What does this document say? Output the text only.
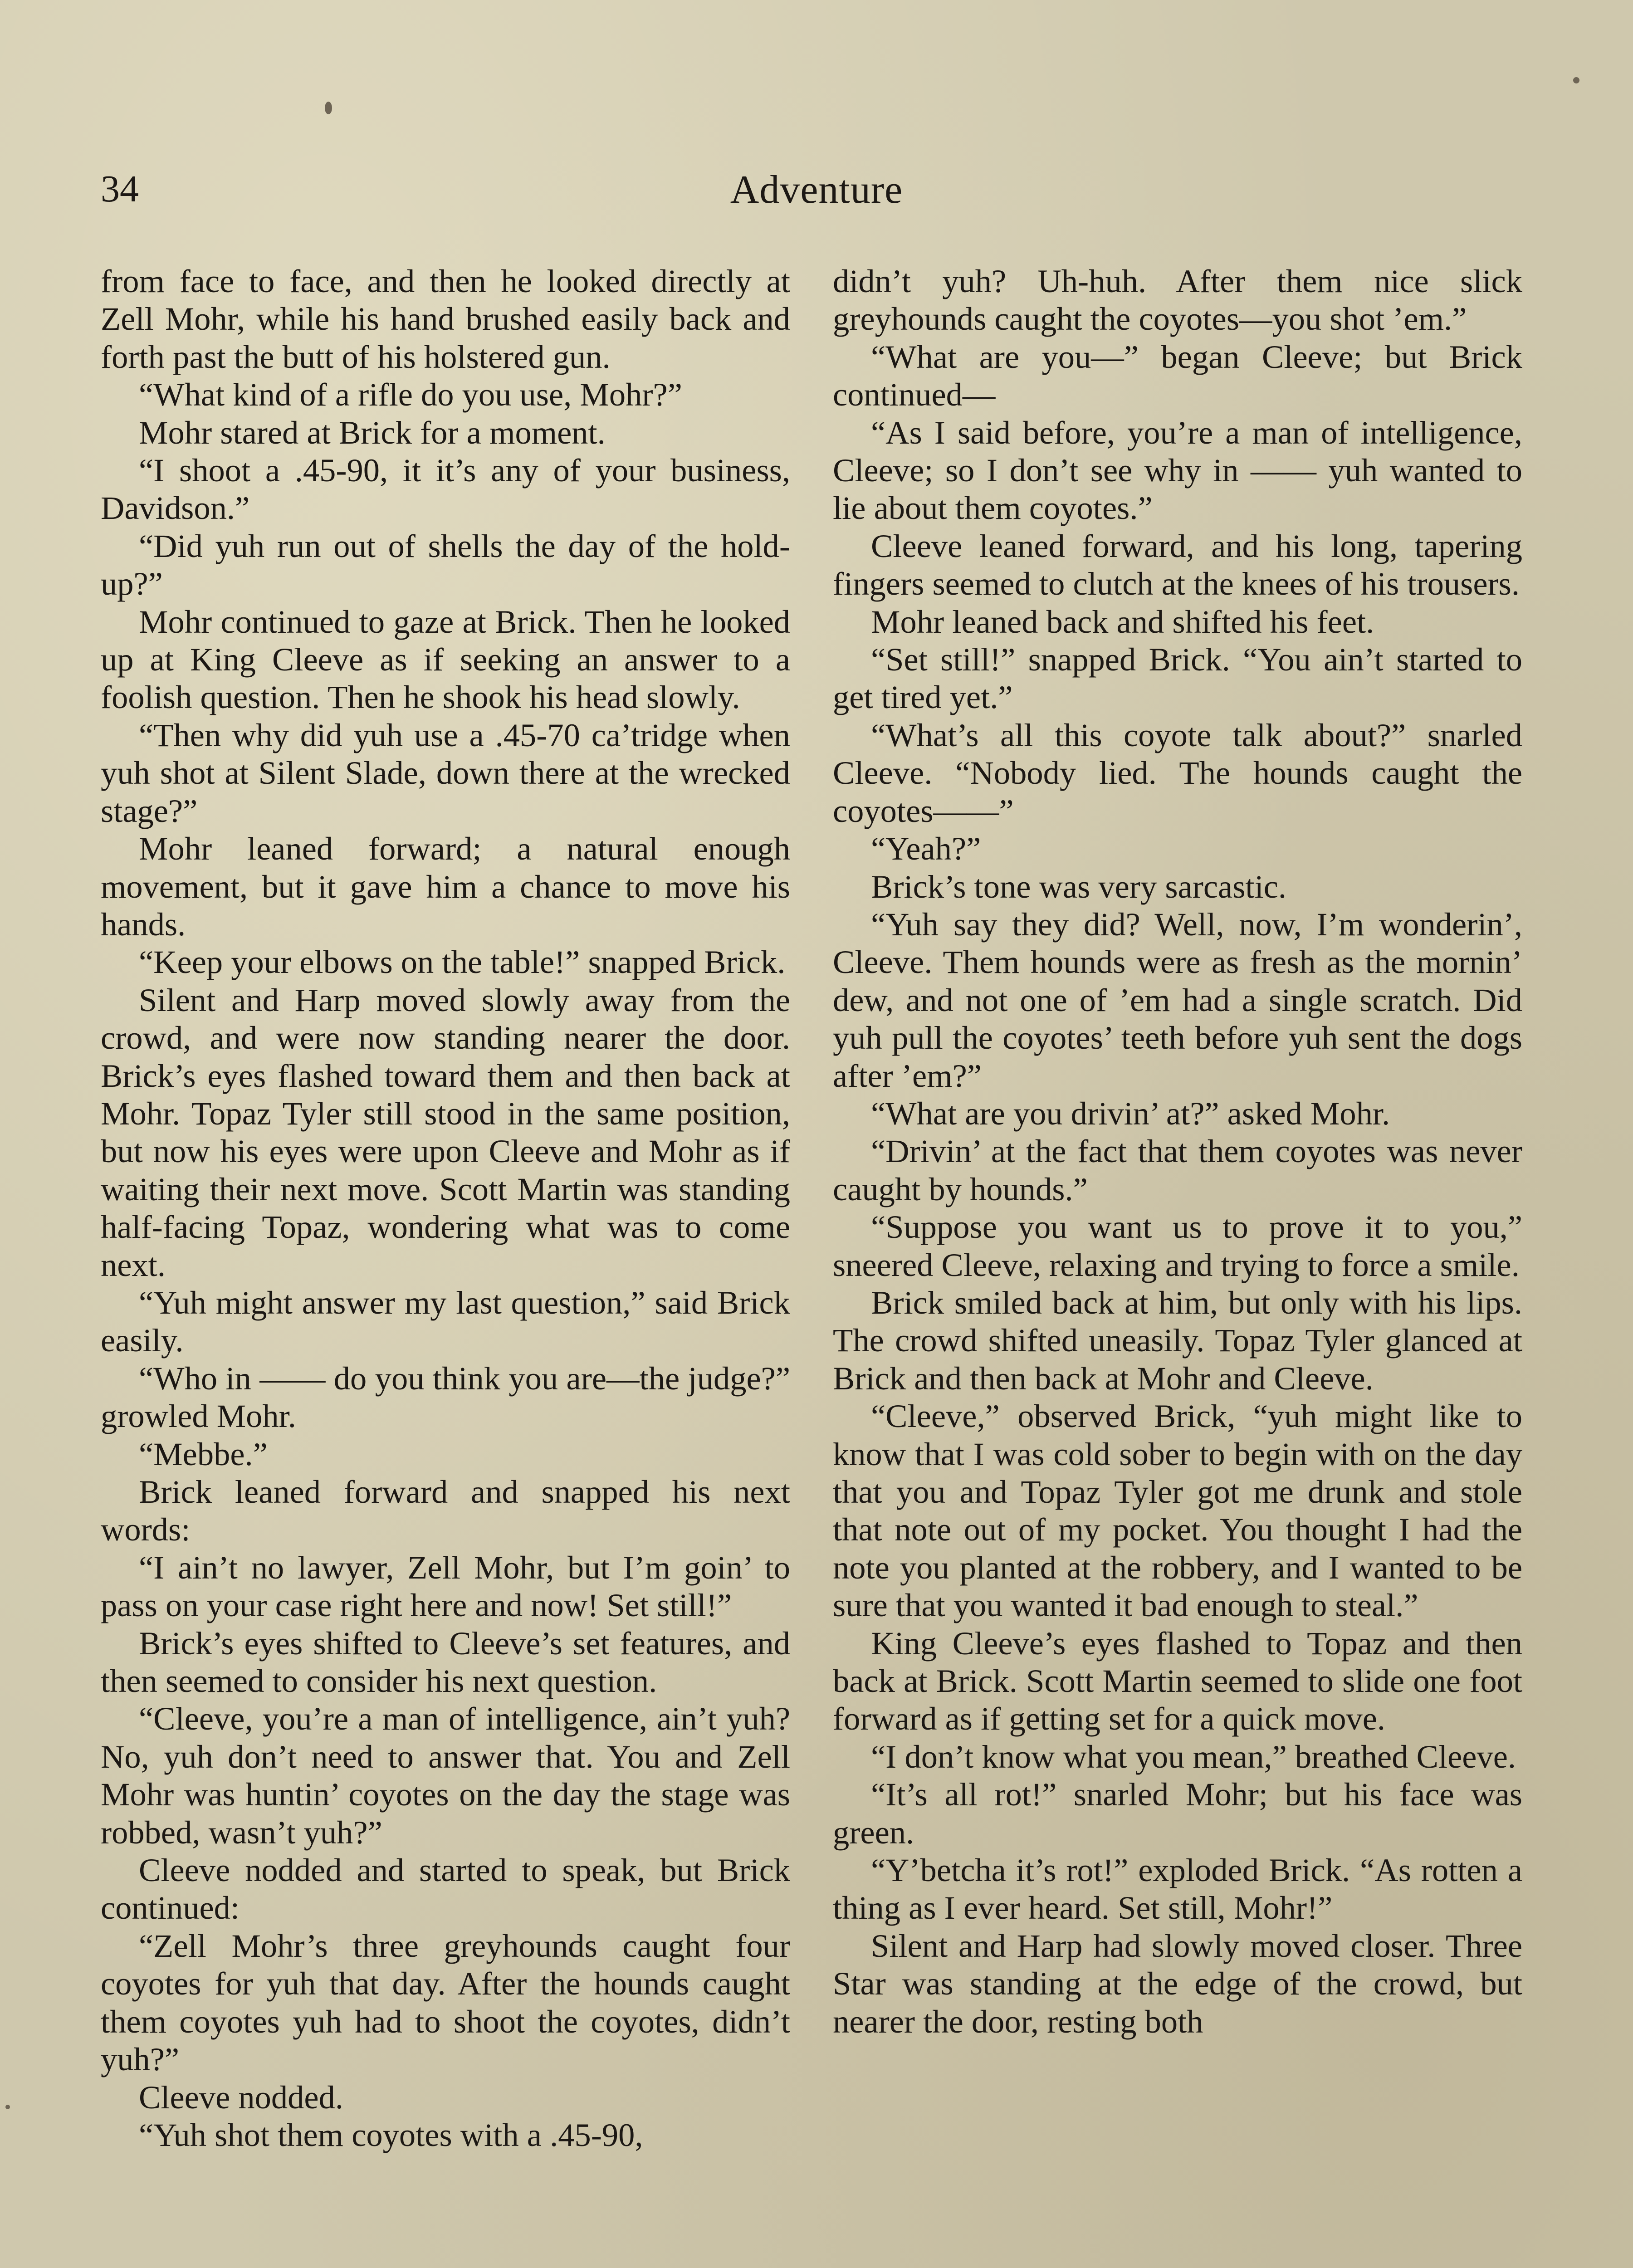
34	Adventure

from face to face, and then he looked directly at Zell Mohr, while his hand brushed easily back and forth past the butt of his holstered gun.

“What kind of a rifle do you use, Mohr?”

Mohr stared at Brick for a moment.

“I shoot a .45-90, it it’s any of your business, Davidson.”

“Did yuh run out of shells the day of the hold-up?”

Mohr continued to gaze at Brick. Then he looked up at King Cleeve as if seeking an answer to a foolish question. Then he shook his head slowly.

“Then why did yuh use a .45-70 ca’tridge when yuh shot at Silent Slade, down there at the wrecked stage?”

Mohr leaned forward; a natural enough movement, but it gave him a chance to move his hands.

“Keep your elbows on the table!” snapped Brick.

Silent and Harp moved slowly away from the crowd, and were now standing nearer the door. Brick’s eyes flashed toward them and then back at Mohr. Topaz Tyler still stood in the same position, but now his eyes were upon Cleeve and Mohr as if waiting their next move. Scott Martin was standing half-facing Topaz, wondering what was to come next.

“Yuh might answer my last question,” said Brick easily.

“Who in —— do you think you are—the judge?” growled Mohr.

“Mebbe.”

Brick leaned forward and snapped his next words:

“I ain’t no lawyer, Zell Mohr, but I’m goin’ to pass on your case right here and now! Set still!”

Brick’s eyes shifted to Cleeve’s set features, and then seemed to consider his next question.

“Cleeve, you’re a man of intelligence, ain’t yuh? No, yuh don’t need to answer that. You and Zell Mohr was huntin’ coyotes on the day the stage was robbed, wasn’t yuh?”

Cleeve nodded and started to speak, but Brick continued:

“Zell Mohr’s three greyhounds caught four coyotes for yuh that day. After the hounds caught them coyotes yuh had to shoot the coyotes, didn’t yuh?”

Cleeve nodded.

“Yuh shot them coyotes with a .45-90,

didn’t yuh? Uh-huh. After them nice slick greyhounds caught the coyotes—you shot ’em.”

“What are you—” began Cleeve; but Brick continued—

“As I said before, you’re a man of intelligence, Cleeve; so I don’t see why in —— yuh wanted to lie about them coyotes.”

Cleeve leaned forward, and his long, tapering fingers seemed to clutch at the knees of his trousers.

Mohr leaned back and shifted his feet.

“Set still!” snapped Brick. “You ain’t started to get tired yet.”

“What’s all this coyote talk about?” snarled Cleeve. “Nobody lied. The hounds caught the coyotes——”

“Yeah?”

Brick’s tone was very sarcastic.

“Yuh say they did? Well, now, I’m wonderin’, Cleeve. Them hounds were as fresh as the mornin’ dew, and not one of ’em had a single scratch. Did yuh pull the coyotes’ teeth before yuh sent the dogs after ’em?”

“What are you drivin’ at?” asked Mohr.

“Drivin’ at the fact that them coyotes was never caught by hounds.”

“Suppose you want us to prove it to you,” sneered Cleeve, relaxing and trying to force a smile.

Brick smiled back at him, but only with his lips. The crowd shifted uneasily. Topaz Tyler glanced at Brick and then back at Mohr and Cleeve.

“Cleeve,” observed Brick, “yuh might like to know that I was cold sober to begin with on the day that you and Topaz Tyler got me drunk and stole that note out of my pocket. You thought I had the note you planted at the robbery, and I wanted to be sure that you wanted it bad enough to steal.”

King Cleeve’s eyes flashed to Topaz and then back at Brick. Scott Martin seemed to slide one foot forward as if getting set for a quick move.

“I don’t know what you mean,” breathed Cleeve.

“It’s all rot!” snarled Mohr; but his face was green.

“Y’betcha it’s rot!” exploded Brick. “As rotten a thing as I ever heard. Set still, Mohr!”

Silent and Harp had slowly moved closer. Three Star was standing at the edge of the crowd, but nearer the door, resting both
